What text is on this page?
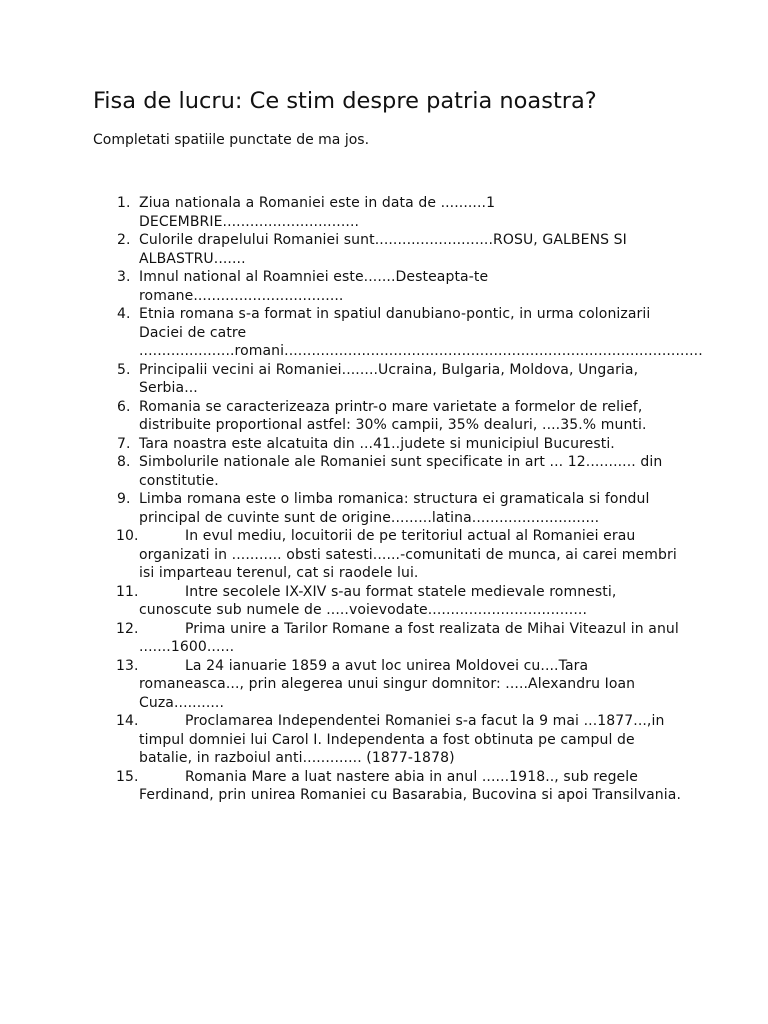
Fisa de lucru: Ce stim despre patria noastra?

Completati spatiile punctate de ma jos.

1. Ziua nationala a Romaniei este in data de ..........1 DECEMBRIE..............................
2. Culorile drapelului Romaniei sunt..........................ROSU, GALBENS SI ALBASTRU.......
3. Imnul national al Roamniei este.......Desteapta-te romane.................................
4. Etnia romana s-a format in spatiul danubiano-pontic, in urma colonizarii Daciei de catre .....................romani............................................................................................
5. Principalii vecini ai Romaniei........Ucraina, Bulgaria, Moldova, Ungaria, Serbia...
6. Romania se caracterizeaza printr-o mare varietate a formelor de relief, distribuite proportional astfel: 30% campii, 35% dealuri, ....35.% munti.
7. Tara noastra este alcatuita din ...41..judete si municipiul Bucuresti.
8. Simbolurile nationale ale Romaniei sunt specificate in art ... 12........... din constitutie.
9. Limba romana este o limba romanica: structura ei gramaticala si fondul principal de cuvinte sunt de origine.........latina............................
10.	In evul mediu, locuitorii de pe teritoriul actual al Romaniei erau organizati in ........... obsti satesti......-comunitati de munca, ai carei membri isi imparteau terenul, cat si raodele lui.
11.	Intre secolele IX-XIV s-au format statele medievale romnesti, cunoscute sub numele de .....voievodate...................................
12.	Prima unire a Tarilor Romane a fost realizata de Mihai Viteazul in anul .......1600......
13.	La 24 ianuarie 1859 a avut loc unirea Moldovei cu....Tara romaneasca..., prin alegerea unui singur domnitor: .....Alexandru Ioan Cuza...........
14.	Proclamarea Independentei Romaniei s-a facut la 9 mai ...1877...,in timpul domniei lui Carol I. Independenta a fost obtinuta pe campul de batalie, in razboiul anti............. (1877-1878)
15.	Romania Mare a luat nastere abia in anul ......1918.., sub regele Ferdinand, prin unirea Romaniei cu Basarabia, Bucovina si apoi Transilvania.
